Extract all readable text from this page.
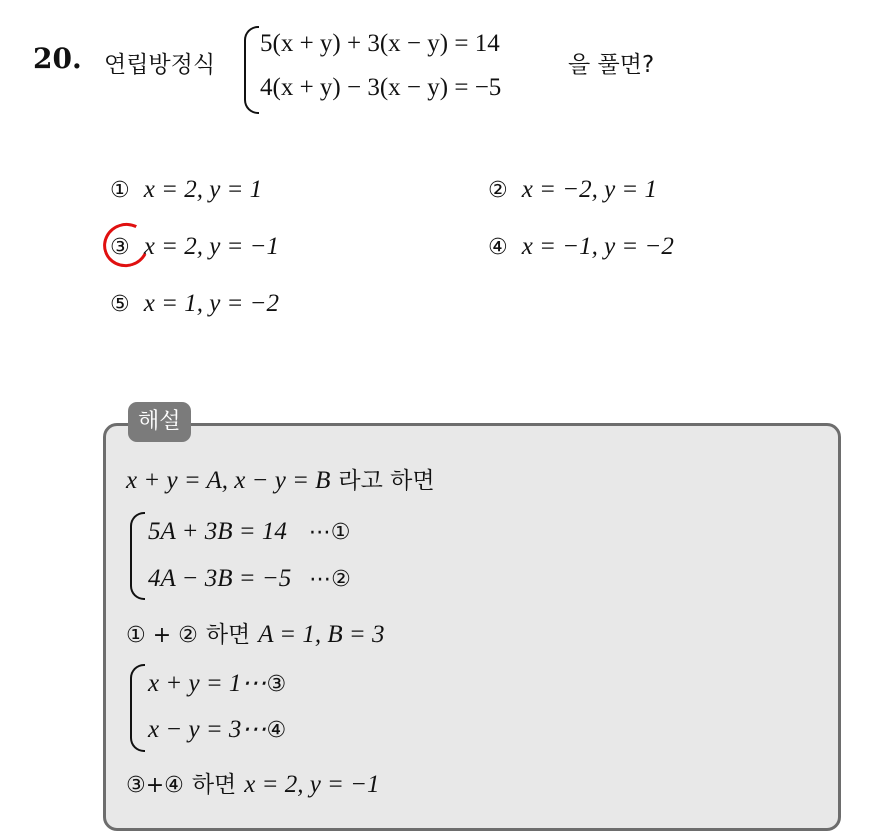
20. 연립방정식
5(x + y) + 3(x − y) = 14
4(x + y) − 3(x − y) = −5
을 풀면?
① x = 2, y = 1	② x = −2, y = 1
③ x = 2, y = −1	④ x = −1, y = −2
⑤ x = 1, y = −2
해설
x + y = A, x − y = B 라고 하면
5A + 3B = 14 ⋯①
4A − 3B = −5 ⋯②
① + ② 하면 A = 1, B = 3
x + y = 1⋯③
x − y = 3⋯④
③+④ 하면 x = 2, y = −1
